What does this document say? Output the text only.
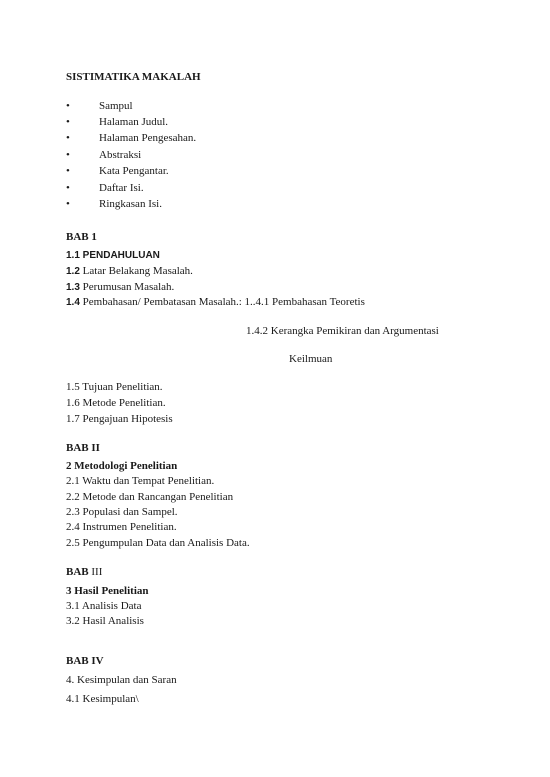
SISTIMATIKA MAKALAH
•	Sampul
•	Halaman Judul.
•	Halaman Pengesahan.
•	Abstraksi
•	Kata Pengantar.
•	Daftar Isi.
•	Ringkasan Isi.
BAB 1
1.1 PENDAHULUAN
1.2 Latar Belakang Masalah.
1.3 Perumusan Masalah.
1.4 Pembahasan/ Pembatasan Masalah.: 1..4.1 Pembahasan Teoretis
1.4.2 Kerangka Pemikiran dan Argumentasi
Keilmuan
1.5 Tujuan Penelitian.
1.6 Metode Penelitian.
1.7 Pengajuan Hipotesis
BAB II
2 Metodologi Penelitian
2.1 Waktu dan Tempat Penelitian.
2.2 Metode dan Rancangan Penelitian
2.3 Populasi dan Sampel.
2.4 Instrumen Penelitian.
2.5 Pengumpulan Data dan Analisis Data.
BAB III
3 Hasil Penelitian
3.1 Analisis Data
3.2 Hasil Analisis
BAB IV
4. Kesimpulan dan Saran
4.1 Kesimpulan\
